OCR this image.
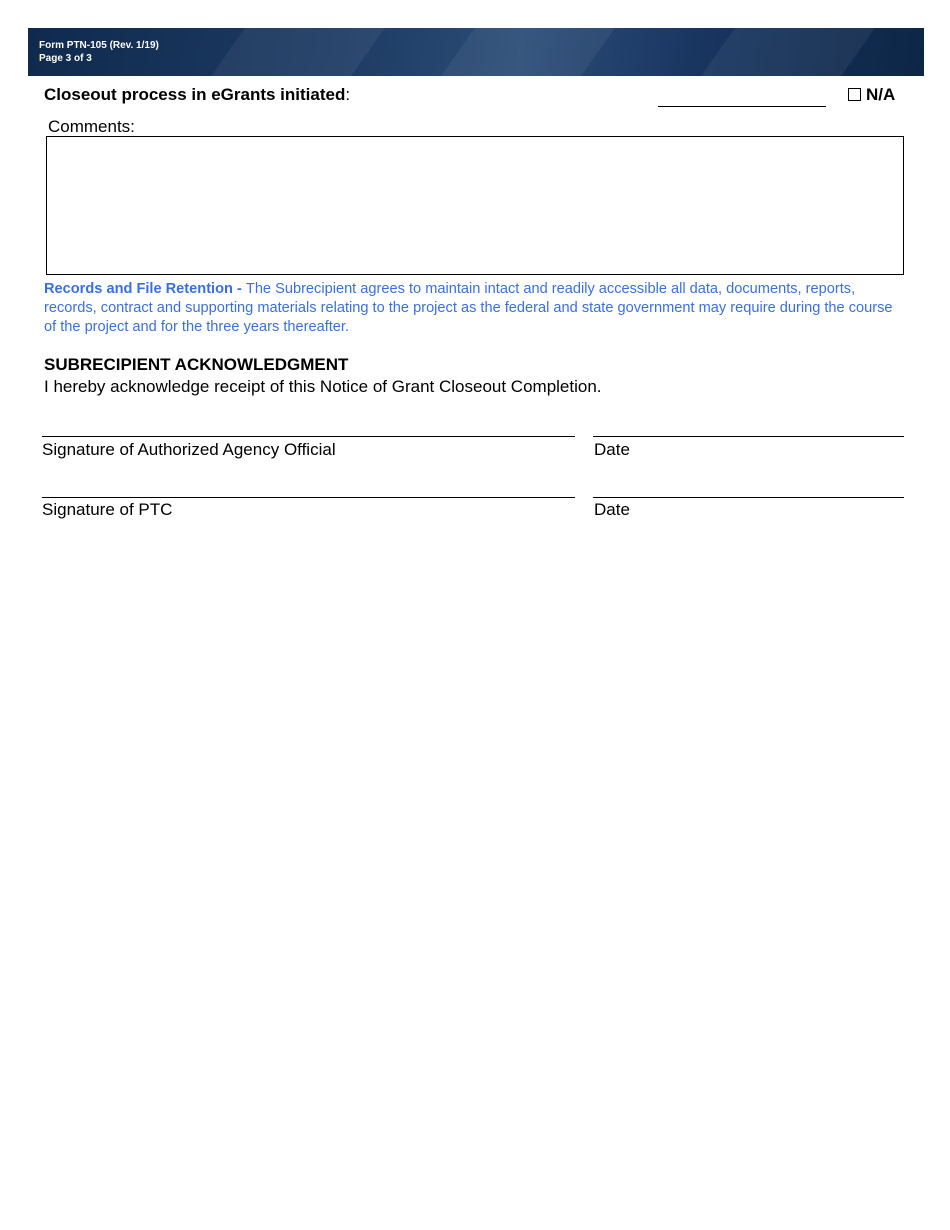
Form PTN-105 (Rev. 1/19)
Page 3 of 3
Closeout process in eGrants initiated:	N/A
Comments:
Records and File Retention - The Subrecipient agrees to maintain intact and readily accessible all data, documents, reports, records, contract and supporting materials relating to the project as the federal and state government may require during the course of the project and for the three years thereafter.
SUBRECIPIENT ACKNOWLEDGMENT
I hereby acknowledge receipt of this Notice of Grant Closeout Completion.
Signature of Authorized Agency Official	Date
Signature of PTC	Date
